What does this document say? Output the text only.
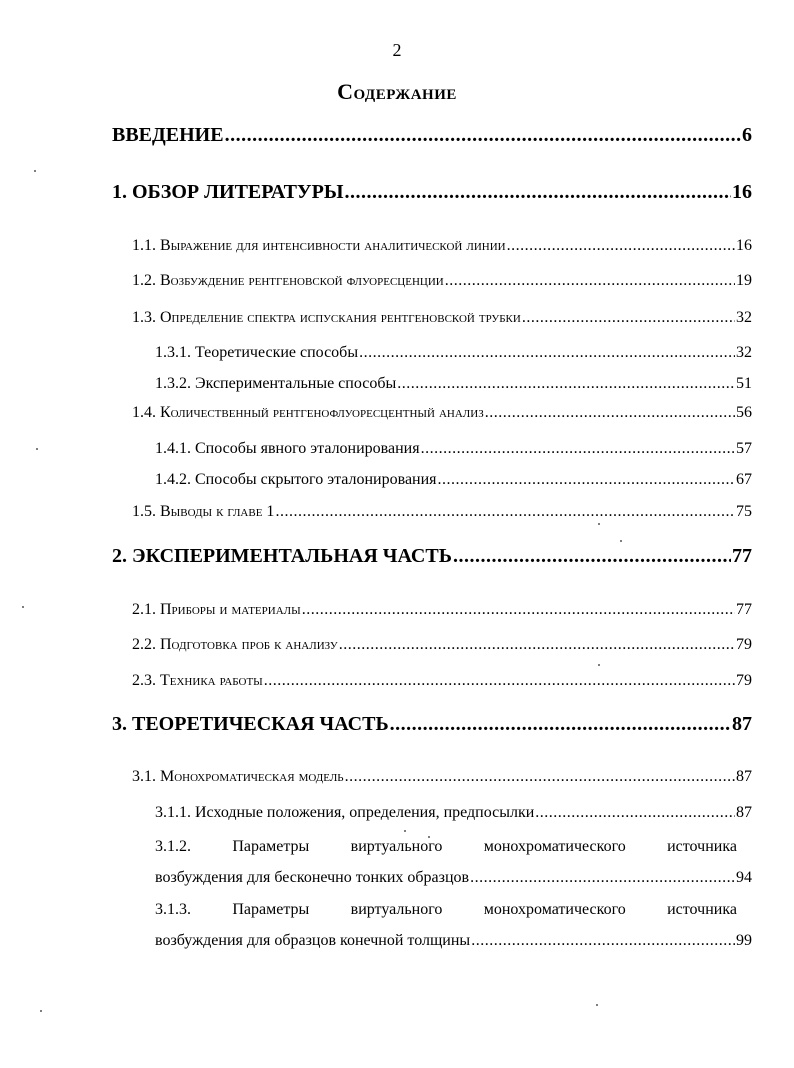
2
Содержание
ВВЕДЕНИЕ .....	6
1. ОБЗОР ЛИТЕРАТУРЫ .....	16
1.1. Выражение для интенсивности аналитической линии .....	16
1.2. Возбуждение рентгеновской флуоресценции .....	19
1.3. Определение спектра испускания рентгеновской трубки .....	32
1.3.1. Теоретические способы .....	32
1.3.2. Экспериментальные способы .....	51
1.4. Количественный рентгенофлуоресцентный анализ .....	56
1.4.1. Способы явного эталонирования .....	57
1.4.2. Способы скрытого эталонирования .....	67
1.5. Выводы к главе 1 .....	75
2. ЭКСПЕРИМЕНТАЛЬНАЯ ЧАСТЬ .....	77
2.1. Приборы и материалы .....	77
2.2. Подготовка проб к анализу .....	79
2.3. Техника работы .....	79
3. ТЕОРЕТИЧЕСКАЯ ЧАСТЬ .....	87
3.1. Монохроматическая модель .....	87
3.1.1. Исходные положения, определения, предпосылки .....	87
3.1.2.	Параметры	виртуального	монохроматического	источника
возбуждения для бесконечно тонких образцов .....	94
3.1.3.	Параметры	виртуального	монохроматического	источника
возбуждения для образцов конечной толщины .....	99
